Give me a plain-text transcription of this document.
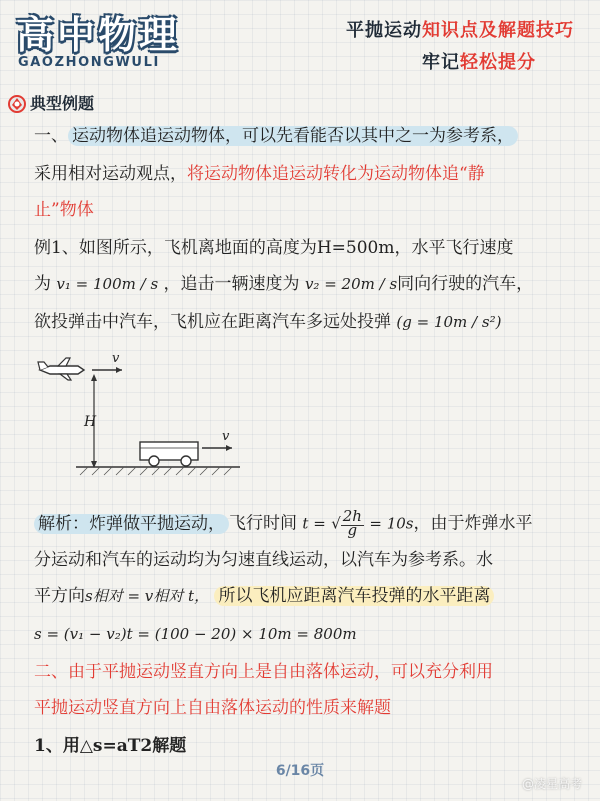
高中物理
GAOZHONGWULI
平抛运动知识点及解题技巧
牢记轻松提分
典型例题
一、 运动物体追运动物体，可以先看能否以其中之一为参考系，
采用相对运动观点，将运动物体追运动转化为运动物体追“静
止”物体
例1、如图所示，飞机离地面的高度为H=500m，水平飞行速度
为 v₁ = 100m / s ，追击一辆速度为 v₂ = 20m / s同向行驶的汽车，
欲投弹击中汽车，飞机应在距离汽车多远处投弹 (g = 10m / s²)
v
H
v
解析：炸弹做平抛运动， 飞行时间 t = √ 2h
g = 10s，由于炸弹水平
分运动和汽车的运动均为匀速直线运动，以汽车为参考系。水
平方向s相对 = v相对 t， 所以飞机应距离汽车投弹的水平距离
s = (v₁ − v₂)t = (100 − 20) × 10m = 800m
二、由于平抛运动竖直方向上是自由落体运动，可以充分利用
平抛运动竖直方向上自由落体运动的性质来解题
1、用△s=aT2解题
6/16页
@凌星高考
